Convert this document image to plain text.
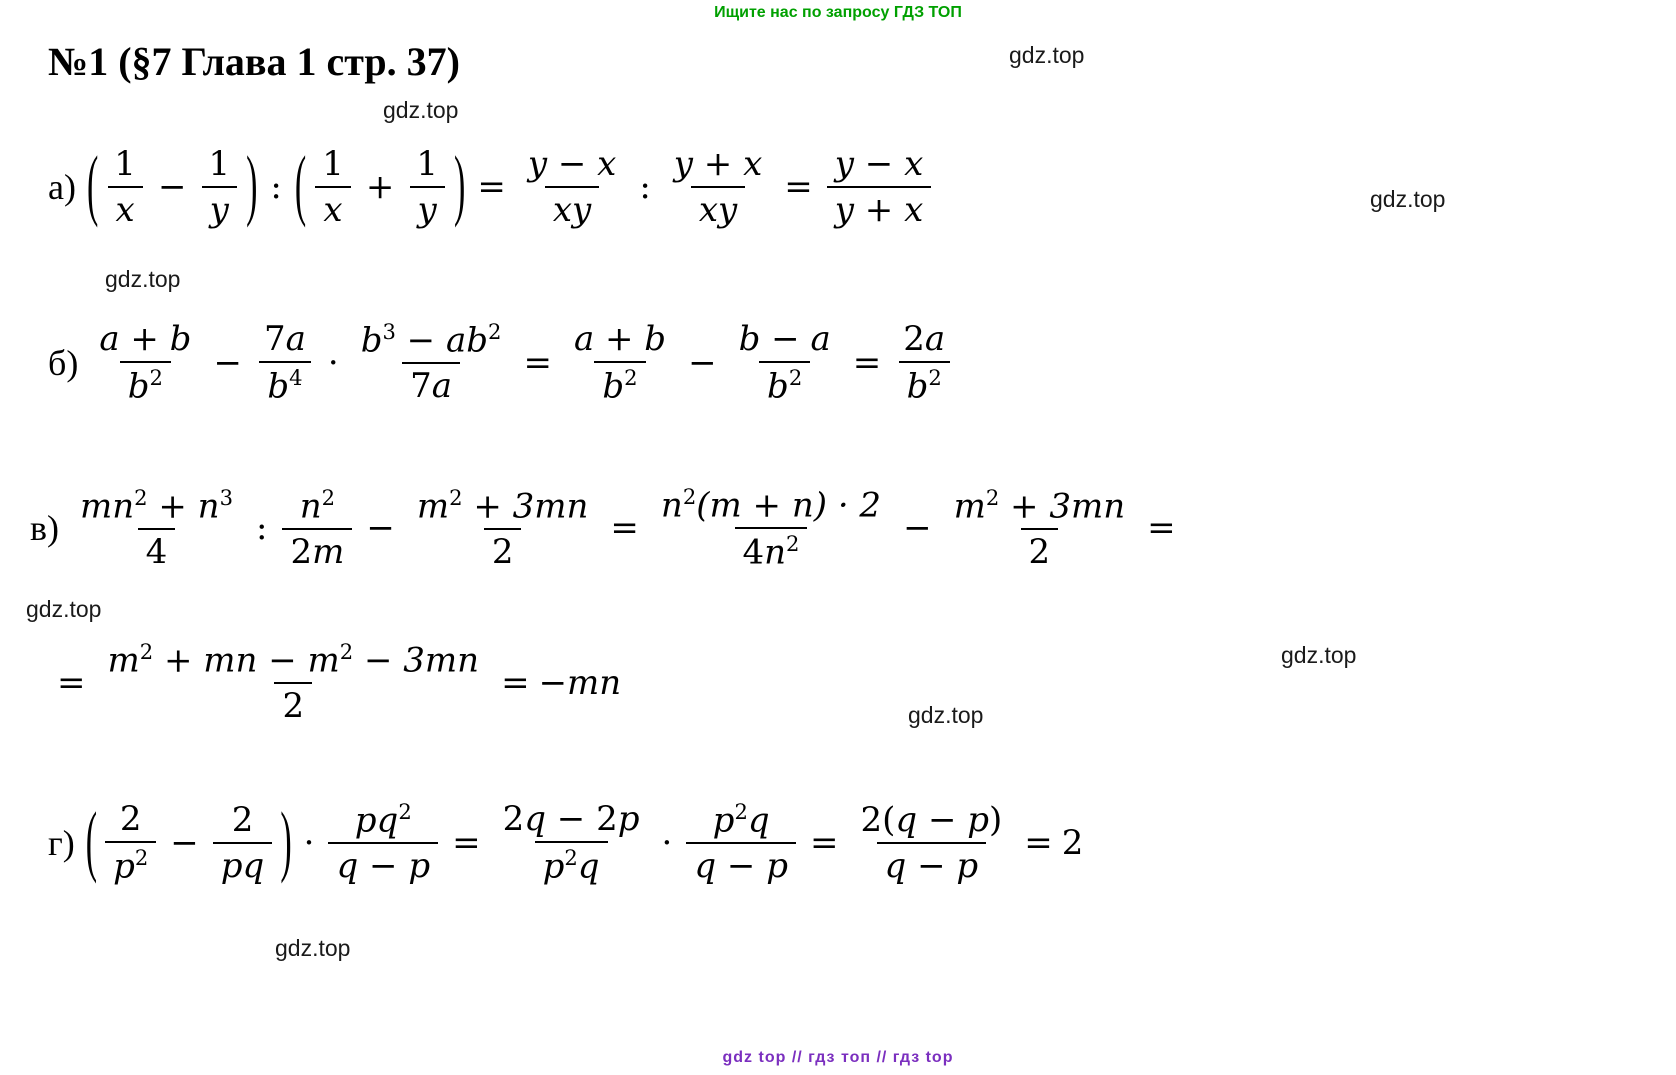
Ищите нас по запросу ГДЗ ТОП
gdz top // гдз топ // гдз top
gdz.top
gdz.top
gdz.top
gdz.top
gdz.top
gdz.top
gdz.top
gdz.top
№1 (§7 Глава 1 стр. 37)
а) ( $\frac{1}{x} - \frac{1}{y}$ ) : ( $\frac{1}{x} + \frac{1}{y}$ ) = $\frac{y - x}{xy}$ : $\frac{y + x}{xy} = \frac{y - x}{y + x}$
$б) \frac{a + b}{b^2} - \frac{7a}{b^4} \cdot \frac{b^3 - ab^2}{7a} = \frac{a + b}{b^2} - \frac{b - a}{b^2} = \frac{2a}{b^2}$
$в) \frac{mn^2 + n^3}{4}$ : $\frac{n^2}{2m} - \frac{m^2 + 3mn}{2} = \frac{n^2(m + n) \cdot 2}{4n^2} - \frac{m^2 + 3mn}{2}$ =
= $\frac{m^2 + mn - m^2 - 3mn}{2} = -mn$
г) ( $\frac{2}{p^2} - \frac{2}{pq}$ ) · $\frac{pq^2}{q - p} = \frac{2q - 2p}{p^2q} \cdot \frac{p^2q}{q - p} = \frac{2(q - p)}{q - p} = 2$
